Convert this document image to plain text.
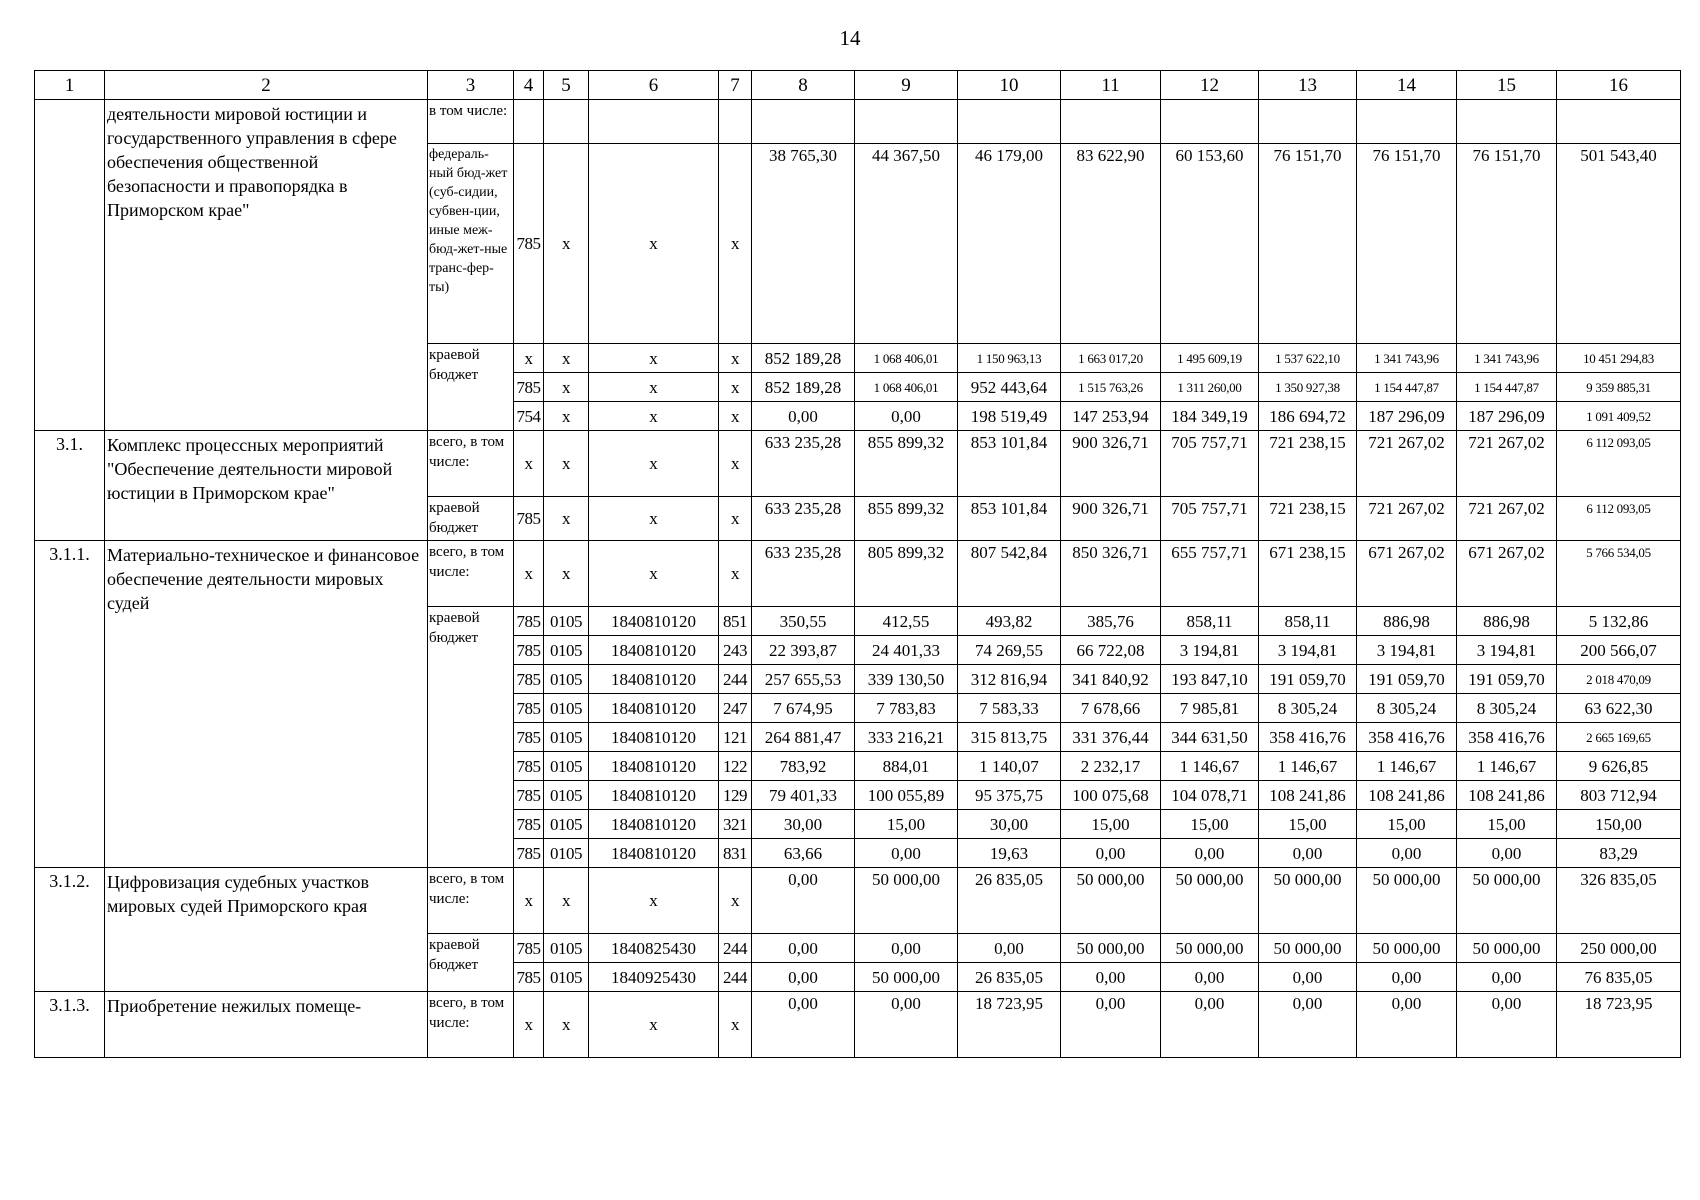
14
1	2	3	4	5	6	7	8	9	10	11	12	13	14	15	16
	деятельности мировой юстиции и государственного управления в сфере обеспечения общественной безопасности и правопорядка в Приморском крае"	в том числе:													
		федераль-ный бюд-жет (суб-сидии, субвен-ции, иные меж-бюд-жет-ные транс-фер-ты)	785	x	x	x	38 765,30	44 367,50	46 179,00	83 622,90	60 153,60	76 151,70	76 151,70	76 151,70	501 543,40
		краевой бюджет	x	x	x	x	852 189,28	1 068 406,01	1 150 963,13	1 663 017,20	1 495 609,19	1 537 622,10	1 341 743,96	1 341 743,96	10 451 294,83
			785	x	x	x	852 189,28	1 068 406,01	952 443,64	1 515 763,26	1 311 260,00	1 350 927,38	1 154 447,87	1 154 447,87	9 359 885,31
			754	x	x	x	0,00	0,00	198 519,49	147 253,94	184 349,19	186 694,72	187 296,09	187 296,09	1 091 409,52
3.1.	Комплекс процессных мероприятий "Обеспечение деятельности мировой юстиции в Приморском крае"	всего, в том числе:	x	x	x	x	633 235,28	855 899,32	853 101,84	900 326,71	705 757,71	721 238,15	721 267,02	721 267,02	6 112 093,05
		краевой бюджет	785	x	x	x	633 235,28	855 899,32	853 101,84	900 326,71	705 757,71	721 238,15	721 267,02	721 267,02	6 112 093,05
3.1.1.	Материально-техническое и финансовое обеспечение деятельности мировых судей	всего, в том числе:	x	x	x	x	633 235,28	805 899,32	807 542,84	850 326,71	655 757,71	671 238,15	671 267,02	671 267,02	5 766 534,05
		краевой бюджет	785	0105	1840810120	851	350,55	412,55	493,82	385,76	858,11	858,11	886,98	886,98	5 132,86
			785	0105	1840810120	243	22 393,87	24 401,33	74 269,55	66 722,08	3 194,81	3 194,81	3 194,81	3 194,81	200 566,07
			785	0105	1840810120	244	257 655,53	339 130,50	312 816,94	341 840,92	193 847,10	191 059,70	191 059,70	191 059,70	2 018 470,09
			785	0105	1840810120	247	7 674,95	7 783,83	7 583,33	7 678,66	7 985,81	8 305,24	8 305,24	8 305,24	63 622,30
			785	0105	1840810120	121	264 881,47	333 216,21	315 813,75	331 376,44	344 631,50	358 416,76	358 416,76	358 416,76	2 665 169,65
			785	0105	1840810120	122	783,92	884,01	1 140,07	2 232,17	1 146,67	1 146,67	1 146,67	1 146,67	9 626,85
			785	0105	1840810120	129	79 401,33	100 055,89	95 375,75	100 075,68	104 078,71	108 241,86	108 241,86	108 241,86	803 712,94
			785	0105	1840810120	321	30,00	15,00	30,00	15,00	15,00	15,00	15,00	15,00	150,00
			785	0105	1840810120	831	63,66	0,00	19,63	0,00	0,00	0,00	0,00	0,00	83,29
3.1.2.	Цифровизация судебных участков мировых судей Приморского края	всего, в том числе:	x	x	x	x	0,00	50 000,00	26 835,05	50 000,00	50 000,00	50 000,00	50 000,00	50 000,00	326 835,05
		краевой бюджет	785	0105	1840825430	244	0,00	0,00	0,00	50 000,00	50 000,00	50 000,00	50 000,00	50 000,00	250 000,00
			785	0105	1840925430	244	0,00	50 000,00	26 835,05	0,00	0,00	0,00	0,00	0,00	76 835,05
3.1.3.	Приобретение нежилых помеще-	всего, в том числе:	x	x	x	x	0,00	0,00	18 723,95	0,00	0,00	0,00	0,00	0,00	18 723,95
